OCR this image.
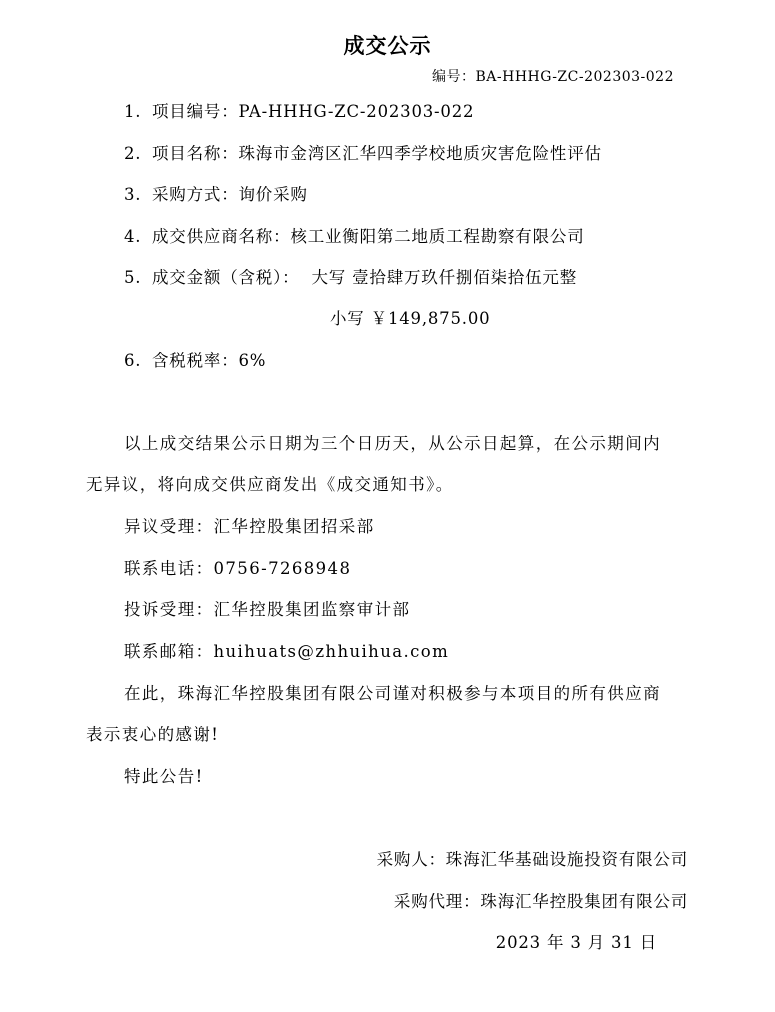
成交公示
编号：BA-HHHG-ZC-202303-022
1. 项目编号：PA-HHHG-ZC-202303-022
2. 项目名称：珠海市金湾区汇华四季学校地质灾害危险性评估
3. 采购方式：询价采购
4. 成交供应商名称：核工业衡阳第二地质工程勘察有限公司
5. 成交金额（含税）： 大写 壹拾肆万玖仟捌佰柒拾伍元整
小写 ￥149,875.00
6. 含税税率：6%
以上成交结果公示日期为三个日历天，从公示日起算，在公示期间内
无异议，将向成交供应商发出《成交通知书》。
异议受理：汇华控股集团招采部
联系电话：0756-7268948
投诉受理：汇华控股集团监察审计部
联系邮箱：huihuats@zhhuihua.com
在此，珠海汇华控股集团有限公司谨对积极参与本项目的所有供应商
表示衷心的感谢!
特此公告!
采购人：珠海汇华基础设施投资有限公司
采购代理：珠海汇华控股集团有限公司
2023 年 3 月 31 日
